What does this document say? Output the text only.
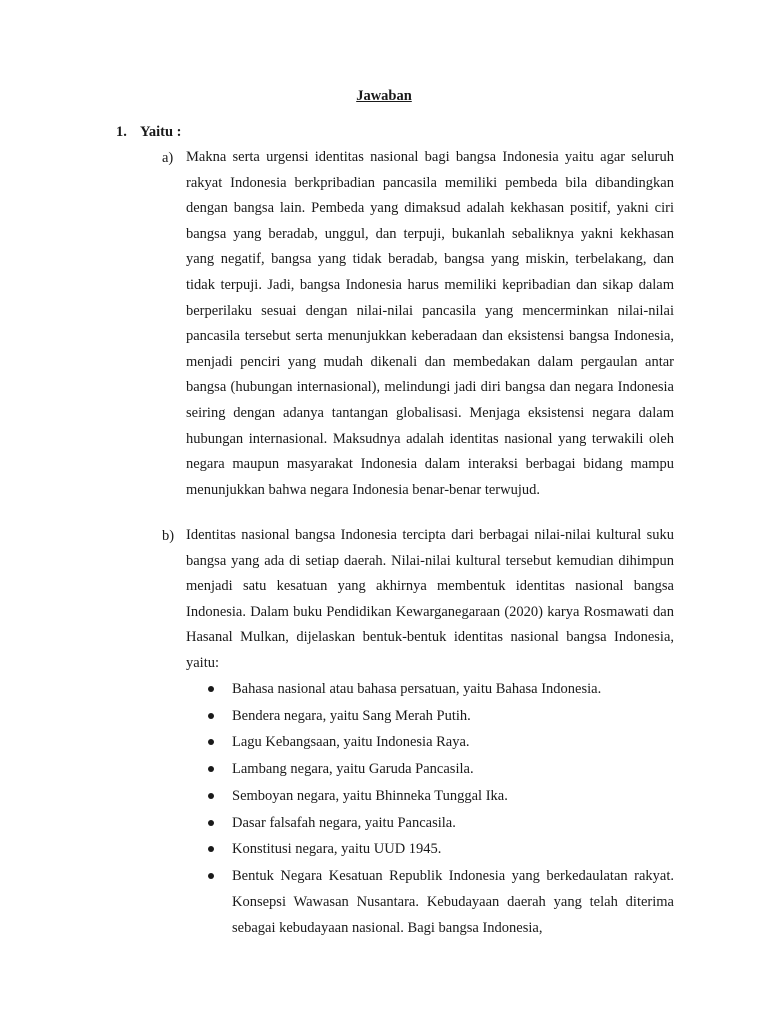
Jawaban
1. Yaitu :
a) Makna serta urgensi identitas nasional bagi bangsa Indonesia yaitu agar seluruh rakyat Indonesia berkpribadian pancasila memiliki pembeda bila dibandingkan dengan bangsa lain. Pembeda yang dimaksud adalah kekhasan positif, yakni ciri bangsa yang beradab, unggul, dan terpuji, bukanlah sebaliknya yakni kekhasan yang negatif, bangsa yang tidak beradab, bangsa yang miskin, terbelakang, dan tidak terpuji. Jadi, bangsa Indonesia harus memiliki kepribadian dan sikap dalam berperilaku sesuai dengan nilai-nilai pancasila yang mencerminkan nilai-nilai pancasila tersebut serta menunjukkan keberadaan dan eksistensi bangsa Indonesia, menjadi penciri yang mudah dikenali dan membedakan dalam pergaulan antar bangsa (hubungan internasional), melindungi jadi diri bangsa dan negara Indonesia seiring dengan adanya tantangan globalisasi. Menjaga eksistensi negara dalam hubungan internasional. Maksudnya adalah identitas nasional yang terwakili oleh negara maupun masyarakat Indonesia dalam interaksi berbagai bidang mampu menunjukkan bahwa negara Indonesia benar-benar terwujud.
b) Identitas nasional bangsa Indonesia tercipta dari berbagai nilai-nilai kultural suku bangsa yang ada di setiap daerah. Nilai-nilai kultural tersebut kemudian dihimpun menjadi satu kesatuan yang akhirnya membentuk identitas nasional bangsa Indonesia. Dalam buku Pendidikan Kewarganegaraan (2020) karya Rosmawati dan Hasanal Mulkan, dijelaskan bentuk-bentuk identitas nasional bangsa Indonesia, yaitu:
Bahasa nasional atau bahasa persatuan, yaitu Bahasa Indonesia.
Bendera negara, yaitu Sang Merah Putih.
Lagu Kebangsaan, yaitu Indonesia Raya.
Lambang negara, yaitu Garuda Pancasila.
Semboyan negara, yaitu Bhinneka Tunggal Ika.
Dasar falsafah negara, yaitu Pancasila.
Konstitusi negara, yaitu UUD 1945.
Bentuk Negara Kesatuan Republik Indonesia yang berkedaulatan rakyat. Konsepsi Wawasan Nusantara. Kebudayaan daerah yang telah diterima sebagai kebudayaan nasional. Bagi bangsa Indonesia,
